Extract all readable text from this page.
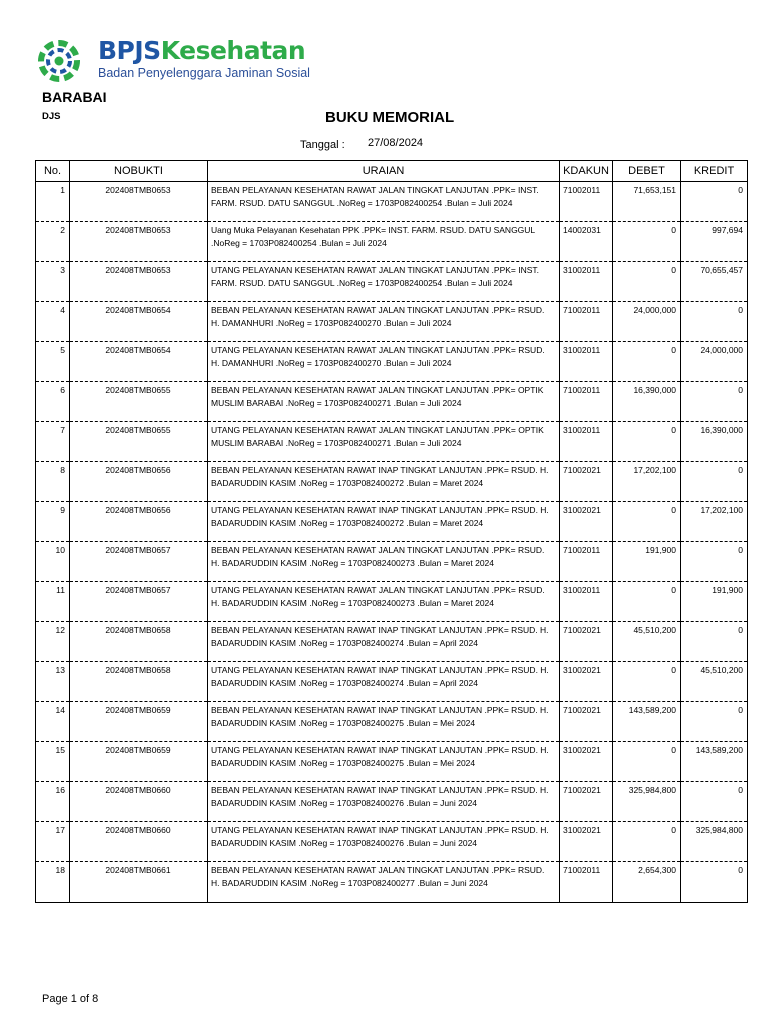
BPJSKesehatan
Badan Penyelenggara Jaminan Sosial
BARABAI
DJS	BUKU MEMORIAL
Tanggal : 27/08/2024
No.	NOBUKTI	URAIAN	KDAKUN	DEBET	KREDIT
1	202408TMB0653	BEBAN PELAYANAN KESEHATAN RAWAT JALAN TINGKAT LANJUTAN .PPK= INST. FARM. RSUD. DATU SANGGUL .NoReg = 1703P082400254 .Bulan = Juli 2024	71002011	71,653,151	0
2	202408TMB0653	Uang Muka Pelayanan Kesehatan PPK .PPK= INST. FARM. RSUD. DATU SANGGUL .NoReg = 1703P082400254 .Bulan = Juli 2024	14002031	0	997,694
3	202408TMB0653	UTANG PELAYANAN KESEHATAN RAWAT JALAN TINGKAT LANJUTAN .PPK= INST. FARM. RSUD. DATU SANGGUL .NoReg = 1703P082400254 .Bulan = Juli 2024	31002011	0	70,655,457
4	202408TMB0654	BEBAN PELAYANAN KESEHATAN RAWAT JALAN TINGKAT LANJUTAN .PPK= RSUD. H. DAMANHURI .NoReg = 1703P082400270 .Bulan = Juli 2024	71002011	24,000,000	0
5	202408TMB0654	UTANG PELAYANAN KESEHATAN RAWAT JALAN TINGKAT LANJUTAN .PPK= RSUD. H. DAMANHURI .NoReg = 1703P082400270 .Bulan = Juli 2024	31002011	0	24,000,000
6	202408TMB0655	BEBAN PELAYANAN KESEHATAN RAWAT JALAN TINGKAT LANJUTAN .PPK= OPTIK MUSLIM BARABAI .NoReg = 1703P082400271 .Bulan = Juli 2024	71002011	16,390,000	0
7	202408TMB0655	UTANG PELAYANAN KESEHATAN RAWAT JALAN TINGKAT LANJUTAN .PPK= OPTIK MUSLIM BARABAI .NoReg = 1703P082400271 .Bulan = Juli 2024	31002011	0	16,390,000
8	202408TMB0656	BEBAN PELAYANAN KESEHATAN RAWAT INAP TINGKAT LANJUTAN .PPK= RSUD. H. BADARUDDIN KASIM .NoReg = 1703P082400272 .Bulan = Maret 2024	71002021	17,202,100	0
9	202408TMB0656	UTANG PELAYANAN KESEHATAN RAWAT INAP TINGKAT LANJUTAN .PPK= RSUD. H. BADARUDDIN KASIM .NoReg = 1703P082400272 .Bulan = Maret 2024	31002021	0	17,202,100
10	202408TMB0657	BEBAN PELAYANAN KESEHATAN RAWAT JALAN TINGKAT LANJUTAN .PPK= RSUD. H. BADARUDDIN KASIM .NoReg = 1703P082400273 .Bulan = Maret 2024	71002011	191,900	0
11	202408TMB0657	UTANG PELAYANAN KESEHATAN RAWAT JALAN TINGKAT LANJUTAN .PPK= RSUD. H. BADARUDDIN KASIM .NoReg = 1703P082400273 .Bulan = Maret 2024	31002011	0	191,900
12	202408TMB0658	BEBAN PELAYANAN KESEHATAN RAWAT INAP TINGKAT LANJUTAN .PPK= RSUD. H. BADARUDDIN KASIM .NoReg = 1703P082400274 .Bulan = April 2024	71002021	45,510,200	0
13	202408TMB0658	UTANG PELAYANAN KESEHATAN RAWAT INAP TINGKAT LANJUTAN .PPK= RSUD. H. BADARUDDIN KASIM .NoReg = 1703P082400274 .Bulan = April 2024	31002021	0	45,510,200
14	202408TMB0659	BEBAN PELAYANAN KESEHATAN RAWAT INAP TINGKAT LANJUTAN .PPK= RSUD. H. BADARUDDIN KASIM .NoReg = 1703P082400275 .Bulan = Mei 2024	71002021	143,589,200	0
15	202408TMB0659	UTANG PELAYANAN KESEHATAN RAWAT INAP TINGKAT LANJUTAN .PPK= RSUD. H. BADARUDDIN KASIM .NoReg = 1703P082400275 .Bulan = Mei 2024	31002021	0	143,589,200
16	202408TMB0660	BEBAN PELAYANAN KESEHATAN RAWAT INAP TINGKAT LANJUTAN .PPK= RSUD. H. BADARUDDIN KASIM .NoReg = 1703P082400276 .Bulan = Juni 2024	71002021	325,984,800	0
17	202408TMB0660	UTANG PELAYANAN KESEHATAN RAWAT INAP TINGKAT LANJUTAN .PPK= RSUD. H. BADARUDDIN KASIM .NoReg = 1703P082400276 .Bulan = Juni 2024	31002021	0	325,984,800
18	202408TMB0661	BEBAN PELAYANAN KESEHATAN RAWAT JALAN TINGKAT LANJUTAN .PPK= RSUD. H. BADARUDDIN KASIM .NoReg = 1703P082400277 .Bulan = Juni 2024	71002011	2,654,300	0
Page 1 of 8
